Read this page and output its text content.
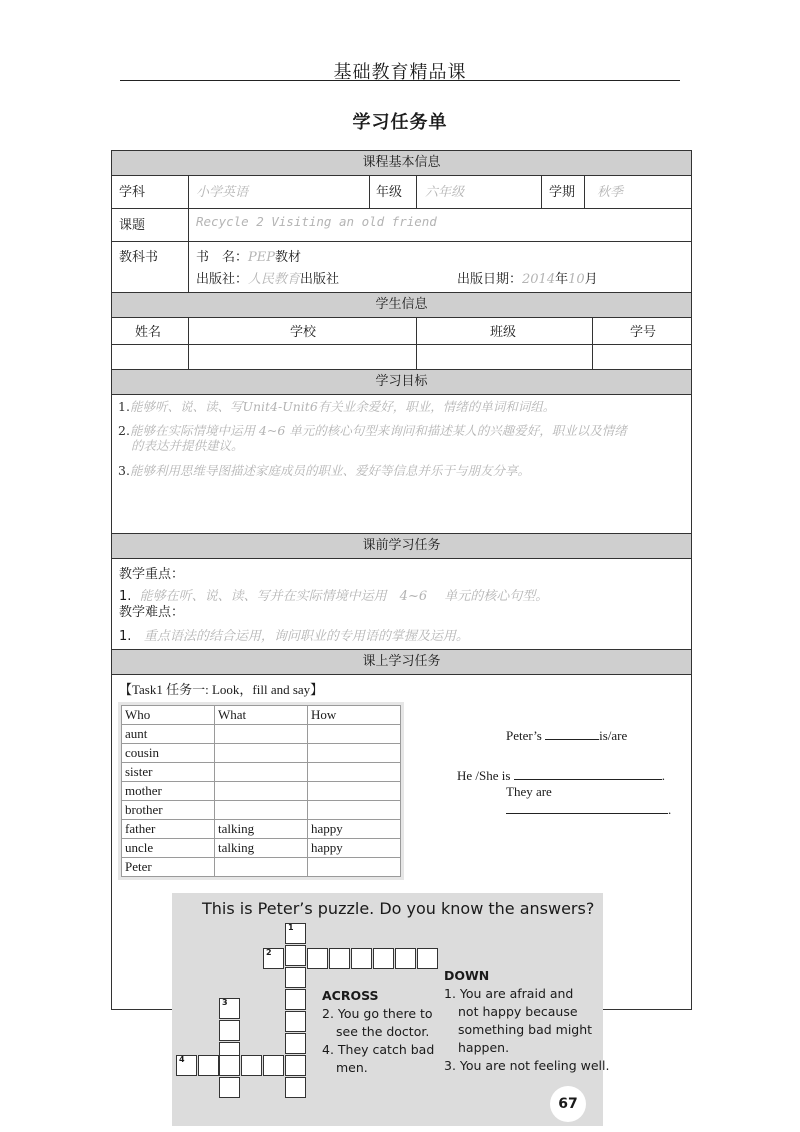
基础教育精品课
学习任务单
课程基本信息
学科	小学英语	年级 六年级	学期 秋季
课题	Recycle 2 Visiting an old friend
教科书	书　名：PEP教材
出版社：人民教育出版社	出版日期：2014年10月
学生信息
姓名	学校	班级	学号
学习目标
1.能够听、说、读、写Unit4-Unit6有关业余爱好，职业，情绪的单词和词组。
2.能够在实际情境中运用 4~6 单元的核心句型来询问和描述某人的兴趣爱好，职业以及情绪
的表达并提供建议。
3.能够利用思维导图描述家庭成员的职业、爱好等信息并乐于与朋友分享。
课前学习任务
教学重点：
1. 能够在听、说、读、写并在实际情境中运用　4~6　 单元的核心句型。
教学难点：
1. 重点语法的结合运用，询问职业的专用语的掌握及运用。
课上学习任务
【Task1 任务一: Look，fill and say】
Who	What	How
aunt		
cousin		
sister		
mother		
brother		
father	talking	happy
uncle	talking	happy
Peter		
Peter’s	is/are
He /She is	.
They are
.
This is Peter’s puzzle. Do you know the answers?
1
2
3
4
ACROSS
2. You go there to
see the doctor.
4. They catch bad
men.
DOWN
1. You are afraid and
not happy because
something bad might
happen.
3. You are not feeling well.
67
